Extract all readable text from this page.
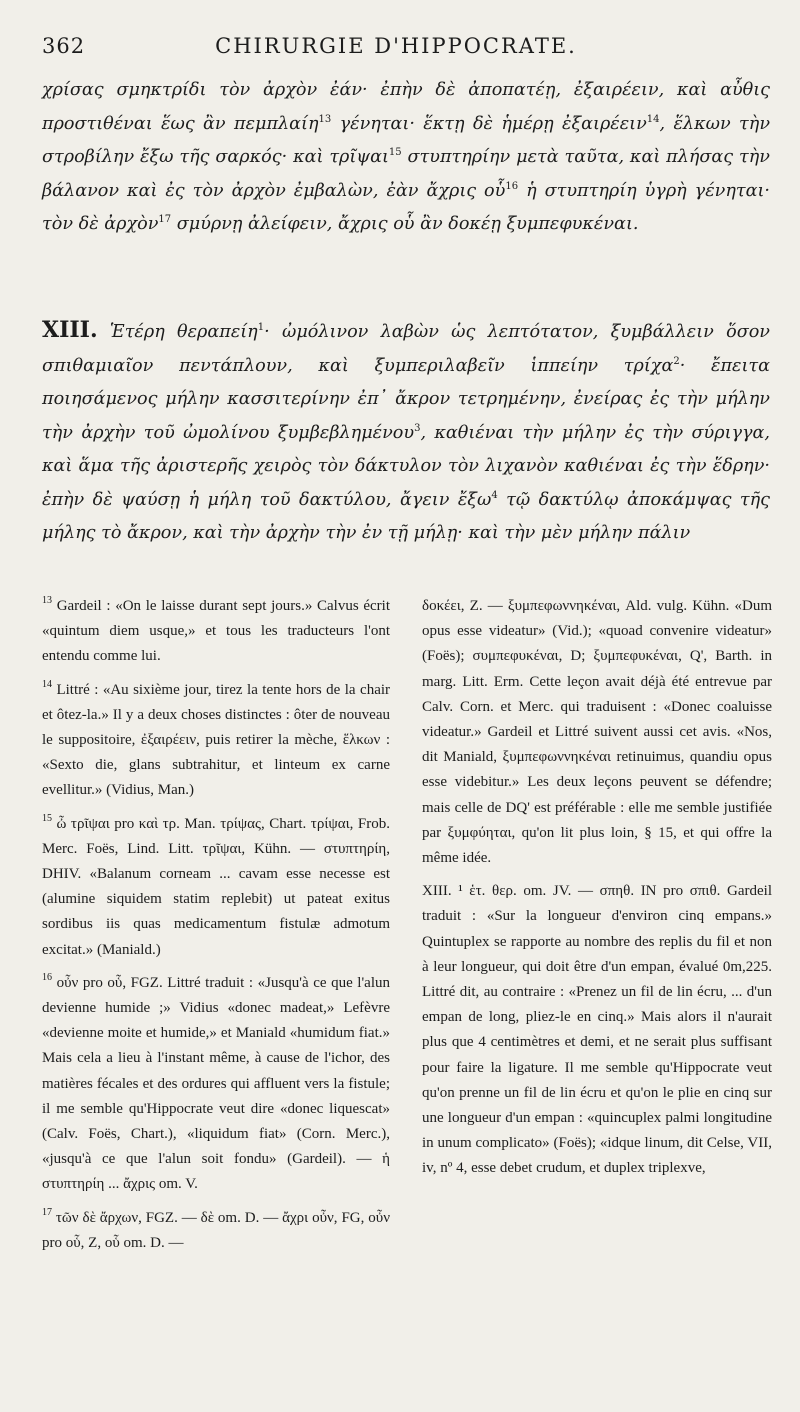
362	CHIRURGIE D'HIPPOCRATE.

χρίσας σμηκτρίδι τὸν ἀρχὸν ἐάν· ἐπὴν δὲ ἀποπατέῃ, ἐξαιρέειν, καὶ αὖθις προστιθέναι ἕως ἂν πεμπλαίη$^{13}$ γένηται· ἕκτῃ δὲ ἡμέρῃ ἐξαιρέειν$^{14}$, ἕλκων τὴν στροβίλην ἔξω τῆς σαρκός· καὶ τρῖψαι$^{15}$ στυπτηρίην μετὰ ταῦτα, καὶ πλήσας τὴν βάλανον καὶ ἐς τὸν ἀρχὸν ἐμβαλὼν, ἐὰν ἄχρις οὗ$^{16}$ ἡ στυπτηρίη ὑγρὴ γένηται· τὸν δὲ ἀρχὸν$^{17}$ σμύρνῃ ἀλείφειν, ἄχρις οὗ ἂν δοκέῃ ξυμπεφυκέναι.

XIII. Ἑτέρη θεραπείη$^1$· ὠμόλινον λαβὼν ὡς λεπτότατον, ξυμβάλλειν ὅσον σπιθαμιαῖον πεντάπλουν, καὶ ξυμπεριλαβεῖν ἱππείην τρίχα$^2$· ἔπειτα ποιησάμενος μήλην κασσιτερίνην ἐπ᾽ ἄκρον τετρημένην, ἐνείρας ἐς τὴν μήλην τὴν ἀρχὴν τοῦ ὠμολίνου ξυμβεβλημένου$^3$, καθιέναι τὴν μήλην ἐς τὴν σύριγγα, καὶ ἅμα τῆς ἀριστερῆς χειρὸς τὸν δάκτυλον τὸν λιχανὸν καθιέναι ἐς τὴν ἕδρην· ἐπὴν δὲ ψαύσῃ ἡ μήλη τοῦ δακτύλου, ἄγειν ἔξω$^4$ τῷ δακτύλῳ ἀποκάμψας τῆς μήλης τὸ ἄκρον, καὶ τὴν ἀρχὴν τὴν ἐν τῇ μήλῃ· καὶ τὴν μὲν μήλην πάλιν

$^{13}$ Gardeil : «On le laisse durant sept jours.» Calvus écrit «quintum diem usque,» et tous les traducteurs l'ont entendu comme lui.

$^{14}$ Littré : «Au sixième jour, tirez la tente hors de la chair et ôtez-la.» Il y a deux choses distinctes : ôter de nouveau le suppositoire, ἐξαιρέειν, puis retirer la mèche, ἕλκων : «Sexto die, glans subtrahitur, et linteum ex carne evellitur.» (Vidius, Man.)

$^{15}$ ὦ τρῖψαι pro καὶ τρ. Man. τρίψας, Chart. τρίψαι, Frob. Merc. Foës, Lind. Litt. τρῖψαι, Kühn. — στυπτηρίη, DHIV. «Balanum corneam ... cavam esse necesse est (alumine siquidem statim replebit) ut pateat exitus sordibus iis quas medicamentum fistulæ admotum excitat.» (Maniald.)

$^{16}$ οὖν pro οὗ, FGZ. Littré traduit : «Jusqu'à ce que l'alun devienne humide ;» Vidius «donec madeat,» Lefèvre «devienne moite et humide,» et Maniald «humidum fiat.» Mais cela a lieu à l'instant même, à cause de l'ichor, des matières fécales et des ordures qui affluent vers la fistule; il me semble qu'Hippocrate veut dire «donec liquescat» (Calv. Foës, Chart.), «liquidum fiat» (Corn. Merc.), «jusqu'à ce que l'alun soit fondu» (Gardeil). — ἡ στυπτηρίη ... ἄχρις om. V.

$^{17}$ τῶν δὲ ἄρχων, FGZ. — δὲ om. D. — ἄχρι οὖν, FG, οὖν pro οὗ, Z, οὗ om. D. —

δοκέει, Z. — ξυμπεφωννηκέναι, Ald. vulg. Kühn. «Dum opus esse videatur» (Vid.); «quoad convenire videatur» (Foës); συμπεφυκέναι, D; ξυμπεφυκέναι, Q', Barth. in marg. Litt. Erm. Cette leçon avait déjà été entrevue par Calv. Corn. et Merc. qui traduisent : «Donec coaluisse videatur.» Gardeil et Littré suivent aussi cet avis. «Nos, dit Maniald, ξυμπεφωννηκέναι retinuimus, quandiu opus esse videbitur.» Les deux leçons peuvent se défendre; mais celle de DQ' est préférable : elle me semble justifiée par ξυμφύηται, qu'on lit plus loin, § 15, et qui offre la même idée.

XIII. ¹ ἑτ. θερ. om. JV. — σπηθ. IN pro σπιθ. Gardeil traduit : «Sur la longueur d'environ cinq empans.» Quintuplex se rapporte au nombre des replis du fil et non à leur longueur, qui doit être d'un empan, évalué 0m,225. Littré dit, au contraire : «Prenez un fil de lin écru, ... d'un empan de long, pliez-le en cinq.» Mais alors il n'aurait plus que 4 centimètres et demi, et ne serait plus suffisant pour faire la ligature. Il me semble qu'Hippocrate veut qu'on prenne un fil de lin écru et qu'on le plie en cinq sur une longueur d'un empan : «quincuplex palmi longitudine in unum complicato» (Foës); «idque linum, dit Celse, VII, iv, nº 4, esse debet crudum, et duplex triplexve,
